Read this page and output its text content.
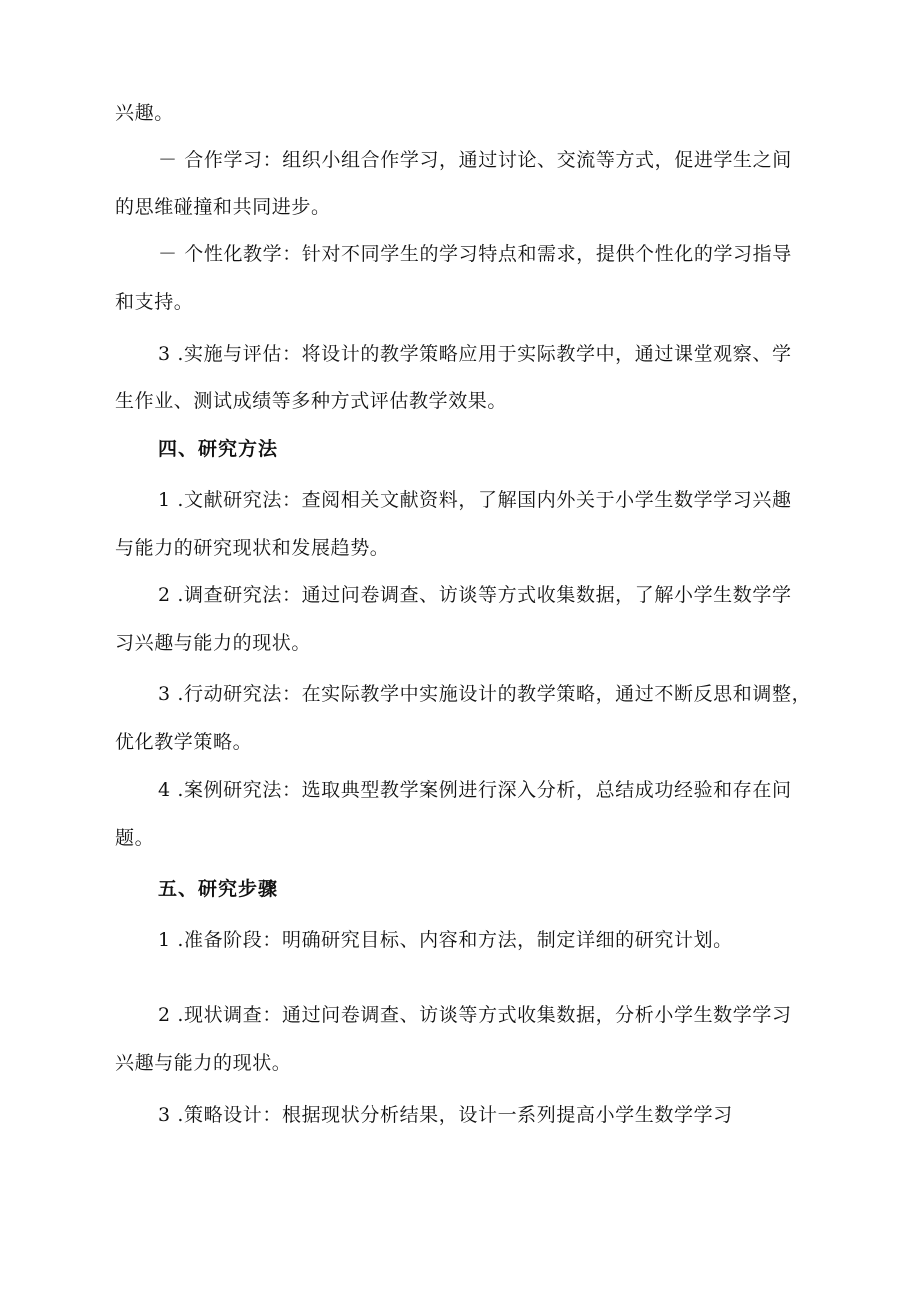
兴趣。
－ 合作学习：组织小组合作学习，通过讨论、交流等方式，促进学生之间
的思维碰撞和共同进步。
－ 个性化教学：针对不同学生的学习特点和需求，提供个性化的学习指导
和支持。
3 .实施与评估：将设计的教学策略应用于实际教学中，通过课堂观察、学
生作业、测试成绩等多种方式评估教学效果。
四、研究方法
1 .文献研究法：查阅相关文献资料，了解国内外关于小学生数学学习兴趣
与能力的研究现状和发展趋势。
2 .调查研究法：通过问卷调查、访谈等方式收集数据，了解小学生数学学
习兴趣与能力的现状。
3 .行动研究法：在实际教学中实施设计的教学策略，通过不断反思和调整，
优化教学策略。
4 .案例研究法：选取典型教学案例进行深入分析，总结成功经验和存在问
题。
五、研究步骤
1 .准备阶段：明确研究目标、内容和方法，制定详细的研究计划。
2 .现状调查：通过问卷调查、访谈等方式收集数据，分析小学生数学学习
兴趣与能力的现状。
3 .策略设计：根据现状分析结果，设计一系列提高小学生数学学习
